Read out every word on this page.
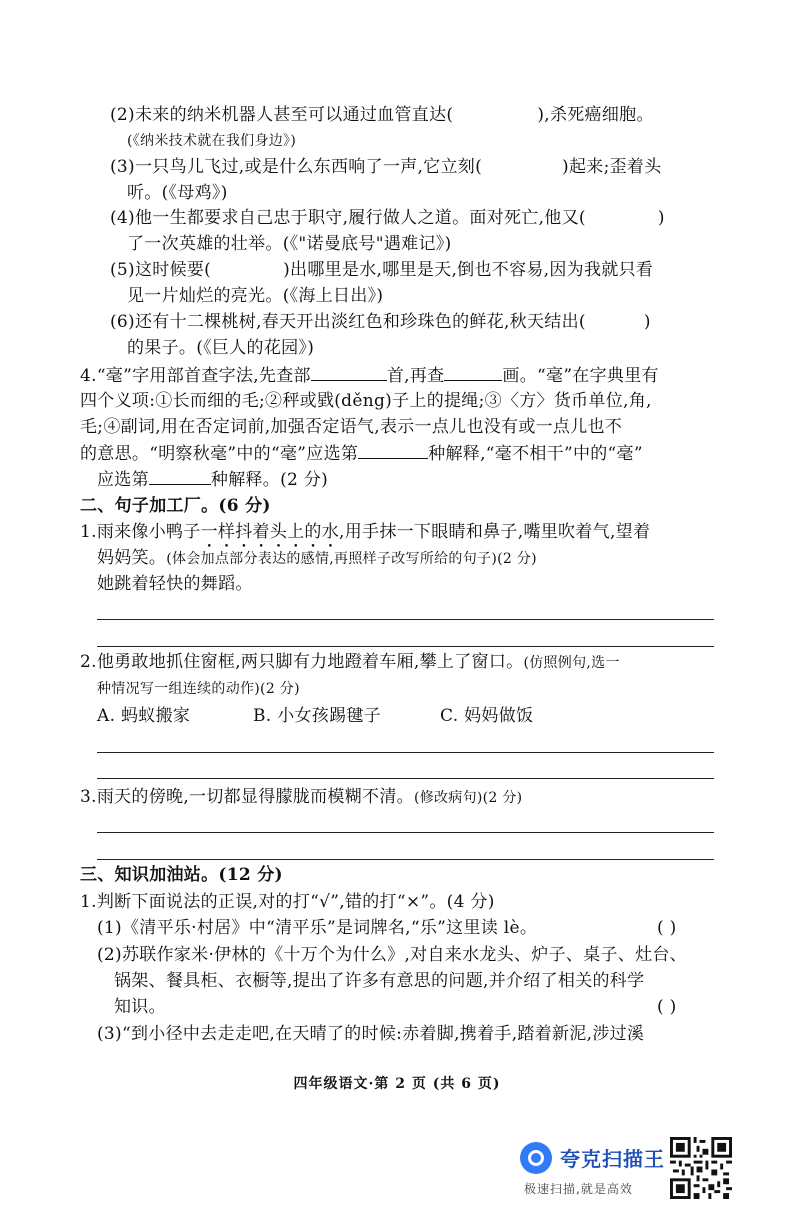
(2)未来的纳米机器人甚至可以通过血管直达(	),杀死癌细胞。
(《纳米技术就在我们身边》)
(3)一只鸟儿飞过,或是什么东西响了一声,它立刻(	)起来;歪着头
听。(《母鸡》)
(4)他一生都要求自己忠于职守,履行做人之道。面对死亡,他又(	)
了一次英雄的壮举。(《"诺曼底号"遇难记》)
(5)这时候要(	)出哪里是水,哪里是天,倒也不容易,因为我就只看
见一片灿烂的亮光。(《海上日出》)
(6)还有十二棵桃树,春天开出淡红色和珍珠色的鲜花,秋天结出(	)
的果子。(《巨人的花园》)
4.“毫”字用部首查字法,先查部	首,再查	画。“毫”在字典里有
四个义项:①长而细的毛;②秤或戥(děng)子上的提绳;③〈方〉货币单位,角,
毛;④副词,用在否定词前,加强否定语气,表示一点儿也没有或一点儿也不
的意思。“明察秋毫”中的“毫”应选第	种解释,“毫不相干”中的“毫”
应选第	种解释。(2 分)
二、句子加工厂。(6 分)
1.雨来像小鸭子一样抖着头上的水,用手抹一下眼睛和鼻子,嘴里吹着气,望着
妈妈笑。(体会加点部分表达的感情,再照样子改写所给的句子)(2 分)
她跳着轻快的舞蹈。
2.他勇敢地抓住窗框,两只脚有力地蹬着车厢,攀上了窗口。(仿照例句,选一
种情况写一组连续的动作)(2 分)
A. 蚂蚁搬家	B. 小女孩踢毽子	C. 妈妈做饭
3.雨天的傍晚,一切都显得朦胧而模糊不清。(修改病句)(2 分)
三、知识加油站。(12 分)
1.判断下面说法的正误,对的打“√”,错的打“×”。(4 分)
(1)《清平乐·村居》中“清平乐”是词牌名,“乐”这里读 lè。	( )
(2)苏联作家米·伊林的《十万个为什么》,对自来水龙头、炉子、桌子、灶台、
锅架、餐具柜、衣橱等,提出了许多有意思的问题,并介绍了相关的科学
知识。	( )
(3)“到小径中去走走吧,在天晴了的时候:赤着脚,携着手,踏着新泥,涉过溪
四年级语文·第 2 页 (共 6 页)
夸克扫描王
极速扫描,就是高效
